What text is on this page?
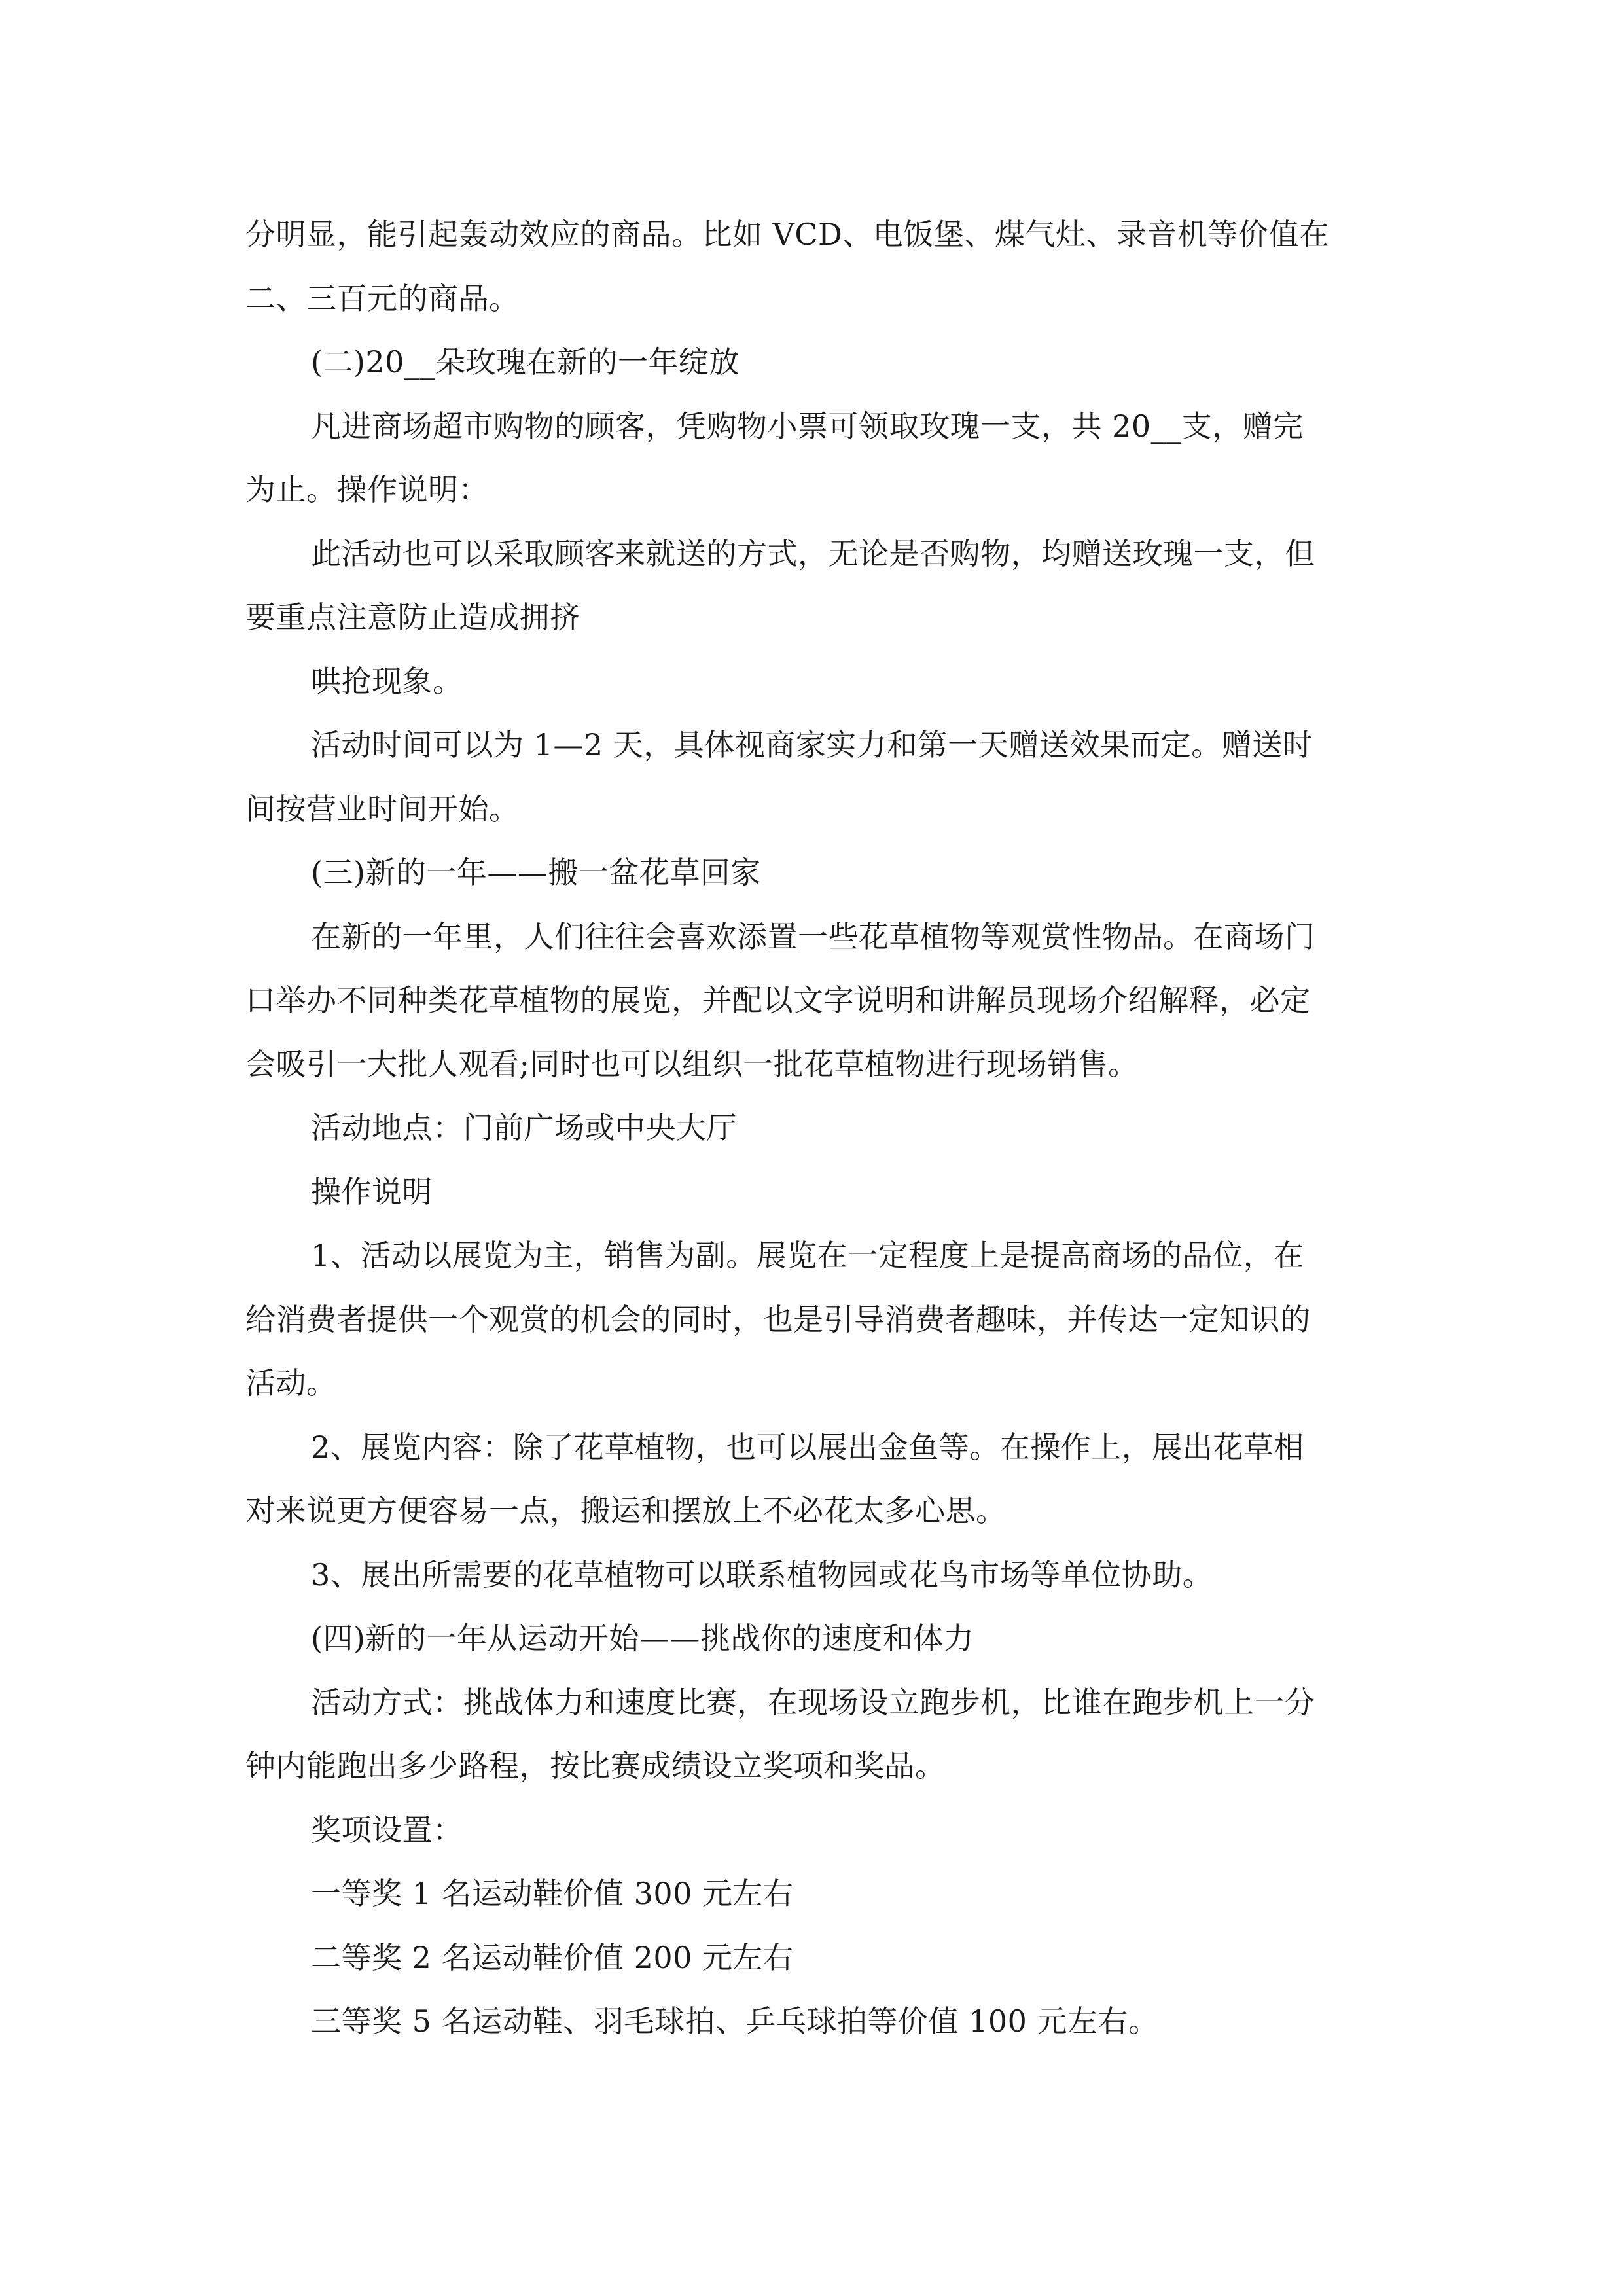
分明显，能引起轰动效应的商品。比如 VCD、电饭堡、煤气灶、录音机等价值在
二、三百元的商品。
(二)20__朵玫瑰在新的一年绽放
凡进商场超市购物的顾客，凭购物小票可领取玫瑰一支，共 20__支，赠完
为止。操作说明：
此活动也可以采取顾客来就送的方式，无论是否购物，均赠送玫瑰一支，但
要重点注意防止造成拥挤
哄抢现象。
活动时间可以为 1—2 天，具体视商家实力和第一天赠送效果而定。赠送时
间按营业时间开始。
(三)新的一年——搬一盆花草回家
在新的一年里，人们往往会喜欢添置一些花草植物等观赏性物品。在商场门
口举办不同种类花草植物的展览，并配以文字说明和讲解员现场介绍解释，必定
会吸引一大批人观看;同时也可以组织一批花草植物进行现场销售。
活动地点：门前广场或中央大厅
操作说明
1、活动以展览为主，销售为副。展览在一定程度上是提高商场的品位，在
给消费者提供一个观赏的机会的同时，也是引导消费者趣味，并传达一定知识的
活动。
2、展览内容：除了花草植物，也可以展出金鱼等。在操作上，展出花草相
对来说更方便容易一点，搬运和摆放上不必花太多心思。
3、展出所需要的花草植物可以联系植物园或花鸟市场等单位协助。
(四)新的一年从运动开始——挑战你的速度和体力
活动方式：挑战体力和速度比赛，在现场设立跑步机，比谁在跑步机上一分
钟内能跑出多少路程，按比赛成绩设立奖项和奖品。
奖项设置：
一等奖 1 名运动鞋价值 300 元左右
二等奖 2 名运动鞋价值 200 元左右
三等奖 5 名运动鞋、羽毛球拍、乒乓球拍等价值 100 元左右。
